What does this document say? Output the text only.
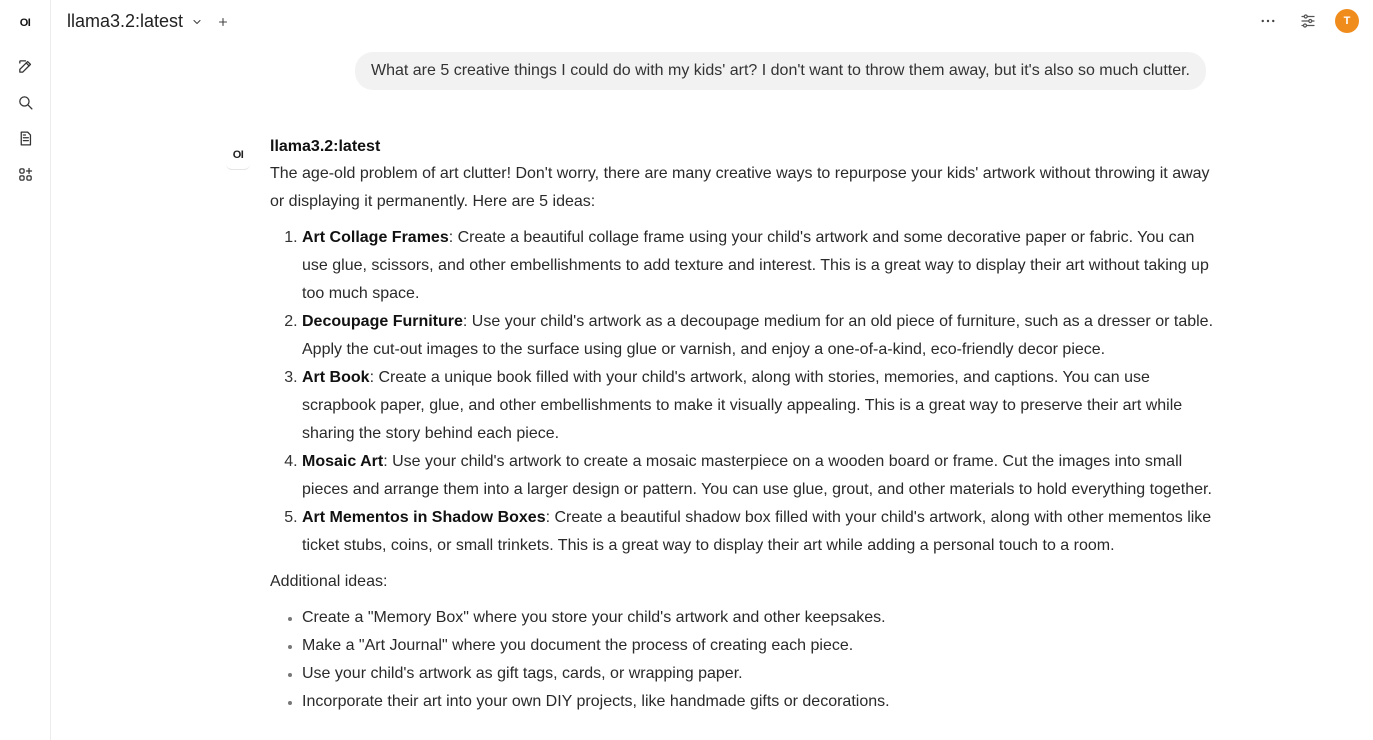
OI llama3.2:latest	T
What are 5 creative things I could do with my kids' art? I don't want to throw them away, but it's also so much clutter.
OI llama3.2:latest

The age-old problem of art clutter! Don't worry, there are many creative ways to repurpose your kids' artwork without throwing it away or displaying it permanently. Here are 5 ideas:

1. Art Collage Frames: Create a beautiful collage frame using your child's artwork and some decorative paper or fabric. You can use glue, scissors, and other embellishments to add texture and interest. This is a great way to display their art without taking up too much space.
2. Decoupage Furniture: Use your child's artwork as a decoupage medium for an old piece of furniture, such as a dresser or table. Apply the cut-out images to the surface using glue or varnish, and enjoy a one-of-a-kind, eco-friendly decor piece.
3. Art Book: Create a unique book filled with your child's artwork, along with stories, memories, and captions. You can use scrapbook paper, glue, and other embellishments to make it visually appealing. This is a great way to preserve their art while sharing the story behind each piece.
4. Mosaic Art: Use your child's artwork to create a mosaic masterpiece on a wooden board or frame. Cut the images into small pieces and arrange them into a larger design or pattern. You can use glue, grout, and other materials to hold everything together.
5. Art Mementos in Shadow Boxes: Create a beautiful shadow box filled with your child's artwork, along with other mementos like ticket stubs, coins, or small trinkets. This is a great way to display their art while adding a personal touch to a room.

Additional ideas:

• Create a "Memory Box" where you store your child's artwork and other keepsakes.
• Make a "Art Journal" where you document the process of creating each piece.
• Use your child's artwork as gift tags, cards, or wrapping paper.
• Incorporate their art into your own DIY projects, like handmade gifts or decorations.
